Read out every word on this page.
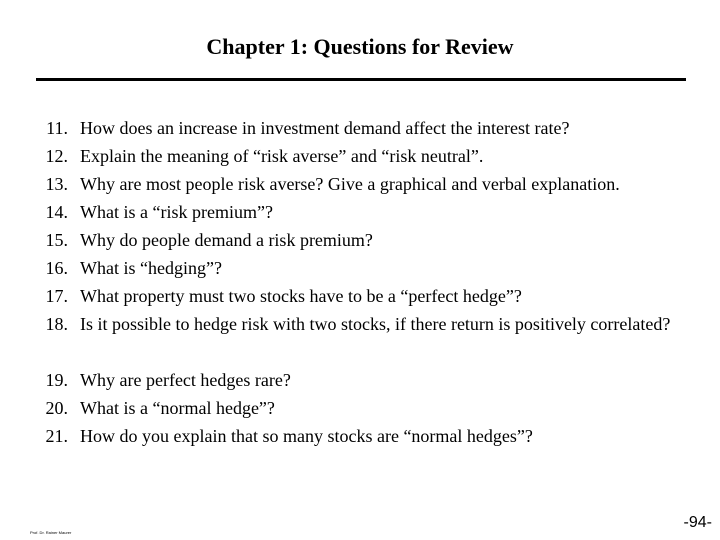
Chapter 1: Questions for Review
11. How does an increase in investment demand affect the interest rate?
12. Explain the meaning of “risk averse” and “risk neutral”.
13. Why are most people risk averse? Give a graphical and verbal explanation.
14. What is a “risk premium”?
15. Why do people demand a risk premium?
16. What is “hedging”?
17. What property must two stocks have to be a “perfect hedge”?
18. Is it possible to hedge risk with two stocks, if there return is positively correlated?
19. Why are perfect hedges rare?
20. What is a “normal hedge”?
21. How do you explain that so many stocks are “normal hedges”?
Prof. Dr. Rainer Maurer
-94-
